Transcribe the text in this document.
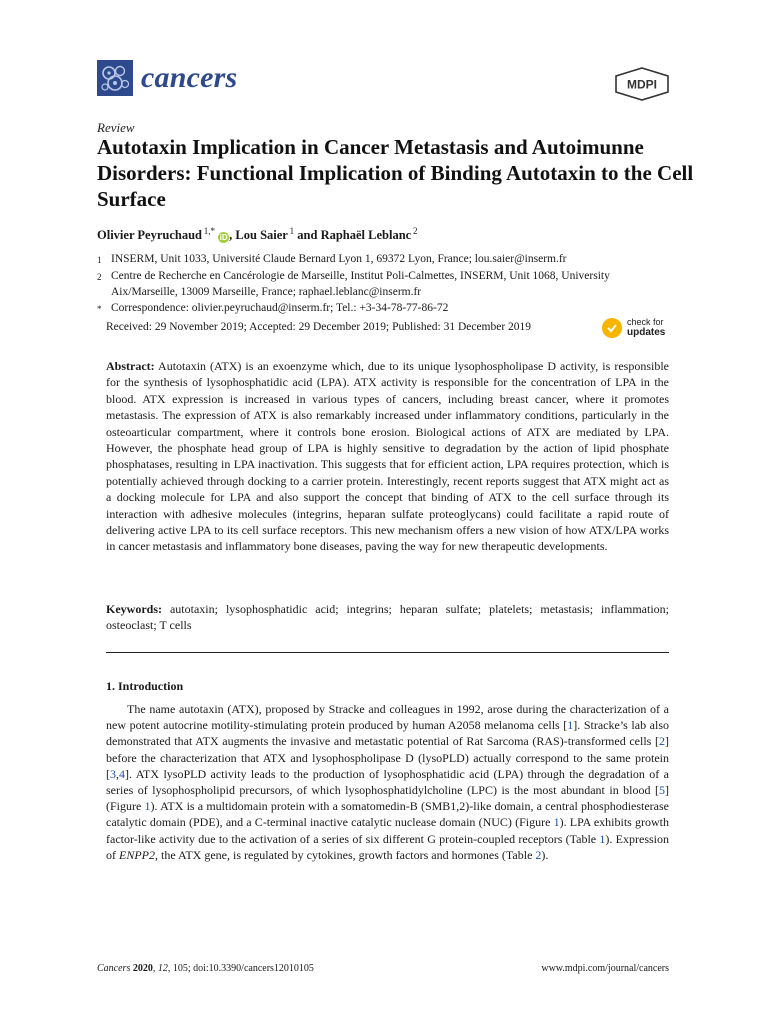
cancers	MDPI
Review
Autotaxin Implication in Cancer Metastasis and Autoimunne Disorders: Functional Implication of Binding Autotaxin to the Cell Surface
Olivier Peyruchaud  $^{1,*}$ iD , Lou Saier  $^1$ and Raphaël Leblanc  $^2$
1 INSERM, Unit 1033, Université Claude Bernard Lyon 1, 69372 Lyon, France; lou.saier@inserm.fr
2 Centre de Recherche en Cancérologie de Marseille, Institut Poli-Calmettes, INSERM, Unit 1068, University Aix/Marseille, 13009 Marseille, France; raphael.leblanc@inserm.fr
* Correspondence: olivier.peyruchaud@inserm.fr; Tel.: +3-34-78-77-86-72
Received: 29 November 2019; Accepted: 29 December 2019; Published: 31 December 2019	check for
updates
Abstract: Autotaxin (ATX) is an exoenzyme which, due to its unique lysophospholipase D activity, is responsible for the synthesis of lysophosphatidic acid (LPA). ATX activity is responsible for the concentration of LPA in the blood. ATX expression is increased in various types of cancers, including breast cancer, where it promotes metastasis. The expression of ATX is also remarkably increased under inflammatory conditions, particularly in the osteoarticular compartment, where it controls bone erosion. Biological actions of ATX are mediated by LPA. However, the phosphate head group of LPA is highly sensitive to degradation by the action of lipid phosphate phosphatases, resulting in LPA inactivation. This suggests that for efficient action, LPA requires protection, which is potentially achieved through docking to a carrier protein. Interestingly, recent reports suggest that ATX might act as a docking molecule for LPA and also support the concept that binding of ATX to the cell surface through its interaction with adhesive molecules (integrins, heparan sulfate proteoglycans) could facilitate a rapid route of delivering active LPA to its cell surface receptors. This new mechanism offers a new vision of how ATX/LPA works in cancer metastasis and inflammatory bone diseases, paving the way for new therapeutic developments.
Keywords: autotaxin; lysophosphatidic acid; integrins; heparan sulfate; platelets; metastasis; inflammation; osteoclast; T cells
1. Introduction
The name autotaxin (ATX), proposed by Stracke and colleagues in 1992, arose during the characterization of a new potent autocrine motility-stimulating protein produced by human A2058 melanoma cells [1]. Stracke’s lab also demonstrated that ATX augments the invasive and metastatic potential of Rat Sarcoma (RAS)-transformed cells [2] before the characterization that ATX and lysophospholipase D (lysoPLD) actually correspond to the same protein [3,4]. ATX lysoPLD activity leads to the production of lysophosphatidic acid (LPA) through the degradation of a series of lysophospholipid precursors, of which lysophosphatidylcholine (LPC) is the most abundant in blood [5] (Figure 1). ATX is a multidomain protein with a somatomedin-B (SMB1,2)-like domain, a central phosphodiesterase catalytic domain (PDE), and a C-terminal inactive catalytic nuclease domain (NUC) (Figure 1). LPA exhibits growth factor-like activity due to the activation of a series of six different G protein-coupled receptors (Table 1). Expression of ENPP2, the ATX gene, is regulated by cytokines, growth factors and hormones (Table 2).
Cancers 2020, 12, 105; doi:10.3390/cancers12010105	www.mdpi.com/journal/cancers
